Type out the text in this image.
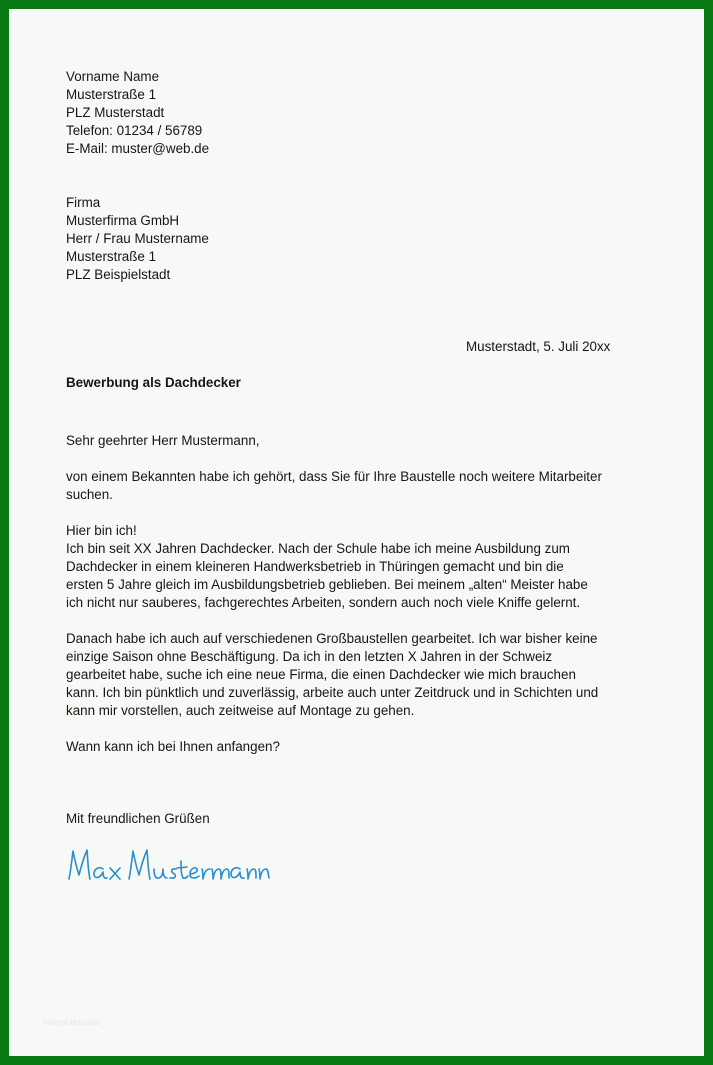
Vorname Name
Musterstraße 1
PLZ Musterstadt
Telefon: 01234 / 56789
E-Mail: muster@web.de
Firma
Musterfirma GmbH
Herr / Frau Mustername
Musterstraße 1
PLZ Beispielstadt
Musterstadt, 5. Juli 20xx
Bewerbung als Dachdecker
Sehr geehrter Herr Mustermann,
von einem Bekannten habe ich gehört, dass Sie für Ihre Baustelle noch weitere Mitarbeiter
suchen.
Hier bin ich!
Ich bin seit XX Jahren Dachdecker. Nach der Schule habe ich meine Ausbildung zum
Dachdecker in einem kleineren Handwerksbetrieb in Thüringen gemacht und bin die
ersten 5 Jahre gleich im Ausbildungsbetrieb geblieben. Bei meinem „alten“ Meister habe
ich nicht nur sauberes, fachgerechtes Arbeiten, sondern auch noch viele Kniffe gelernt.
Danach habe ich auch auf verschiedenen Großbaustellen gearbeitet. Ich war bisher keine
einzige Saison ohne Beschäftigung. Da ich in den letzten X Jahren in der Schweiz
gearbeitet habe, suche ich eine neue Firma, die einen Dachdecker wie mich brauchen
kann. Ich bin pünktlich und zuverlässig, arbeite auch unter Zeitdruck und in Schichten und
kann mir vorstellen, auch zeitweise auf Montage zu gehen.
Wann kann ich bei Ihnen anfangen?
Mit freundlichen Grüßen
Vorlage.bizpedia
